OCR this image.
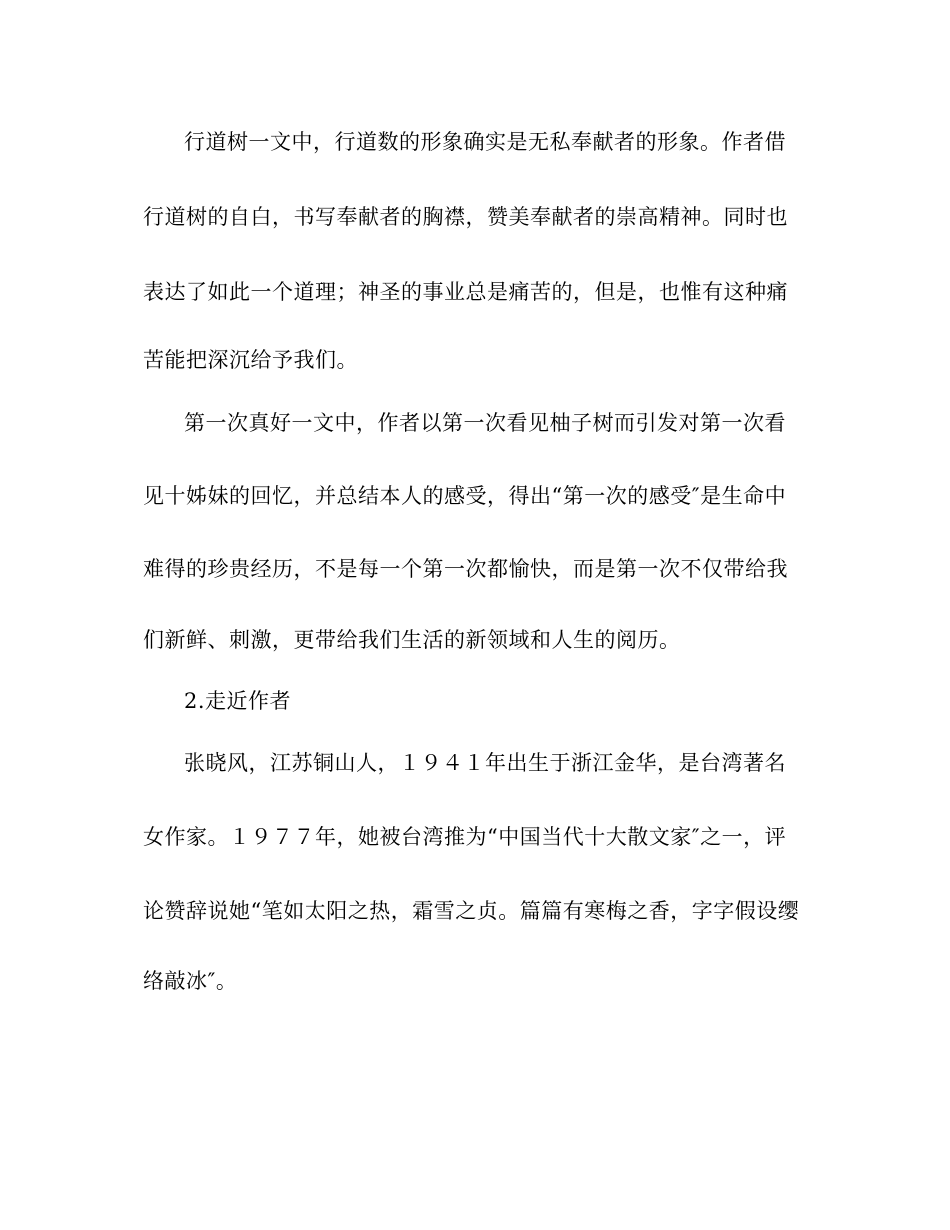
行道树一文中，行道数的形象确实是无私奉献者的形象。作者借
行道树的自白，书写奉献者的胸襟，赞美奉献者的崇高精神。同时也
表达了如此一个道理；神圣的事业总是痛苦的，但是，也惟有这种痛
苦能把深沉给予我们。
第一次真好一文中，作者以第一次看见柚子树而引发对第一次看
见十姊妹的回忆，并总结本人的感受，得出“第一次的感受″是生命中
难得的珍贵经历，不是每一个第一次都愉快，而是第一次不仅带给我
们新鲜、刺激，更带给我们生活的新领域和人生的阅历。
2.走近作者
张晓风，江苏铜山人，１９４１年出生于浙江金华，是台湾著名
女作家。１９７７年，她被台湾推为“中国当代十大散文家″之一，评
论赞辞说她“笔如太阳之热，霜雪之贞。篇篇有寒梅之香，字字假设缨
络敲冰″。
